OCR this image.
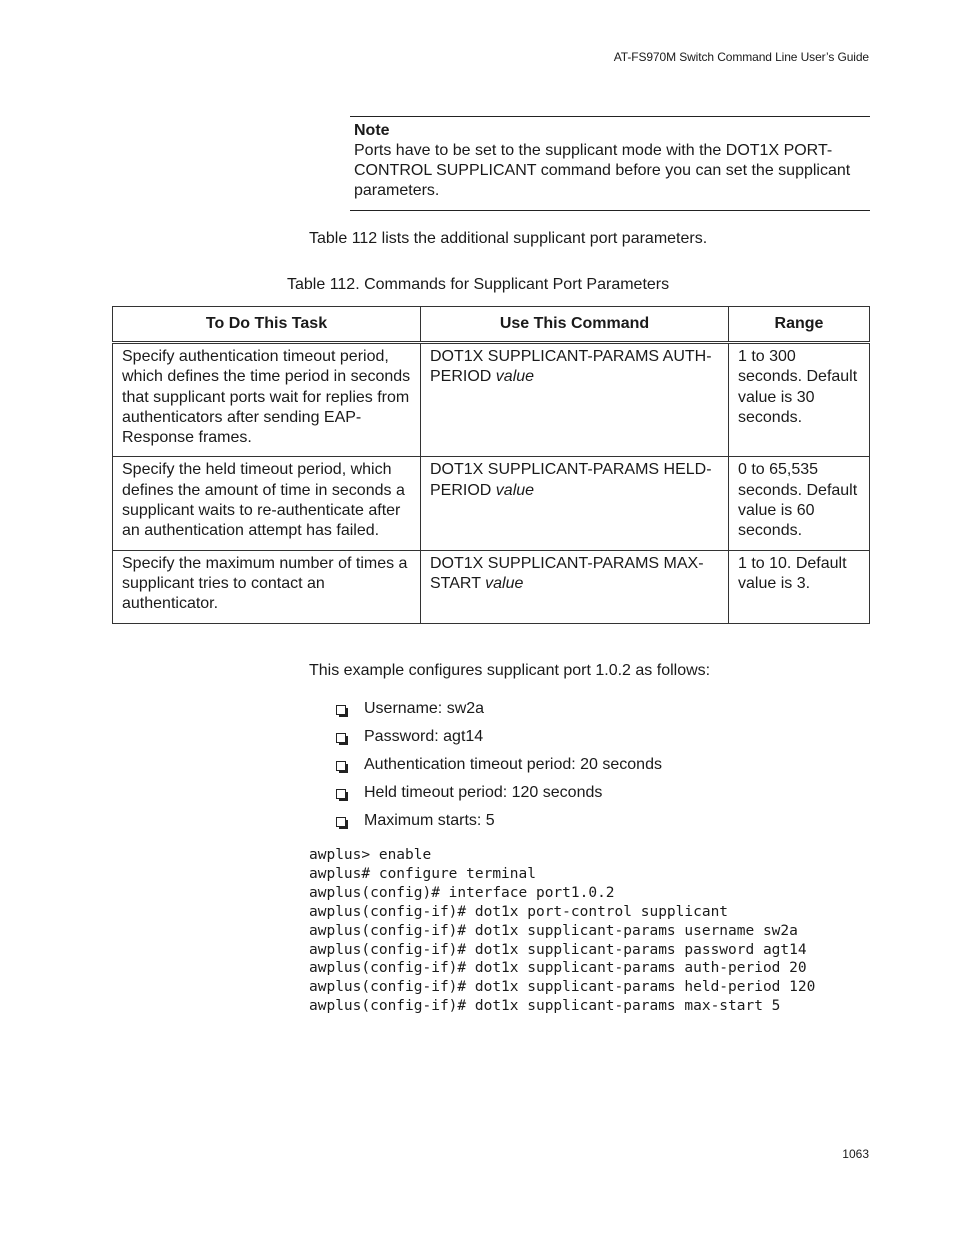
AT-FS970M Switch Command Line User’s Guide
Note
Ports have to be set to the supplicant mode with the DOT1X PORT-CONTROL SUPPLICANT command before you can set the supplicant parameters.
Table 112 lists the additional supplicant port parameters.
Table 112. Commands for Supplicant Port Parameters
To Do This Task	Use This Command	Range
Specify authentication timeout period, which defines the time period in seconds that supplicant ports wait for replies from authenticators after sending EAP-Response frames.	DOT1X SUPPLICANT-PARAMS AUTH-PERIOD value	1 to 300 seconds. Default value is 30 seconds.
Specify the held timeout period, which defines the amount of time in seconds a supplicant waits to re-authenticate after an authentication attempt has failed.	DOT1X SUPPLICANT-PARAMS HELD-PERIOD value	0 to 65,535 seconds. Default value is 60 seconds.
Specify the maximum number of times a supplicant tries to contact an authenticator.	DOT1X SUPPLICANT-PARAMS MAX-START value	1 to 10. Default value is 3.
This example configures supplicant port 1.0.2 as follows:
Username: sw2a
Password: agt14
Authentication timeout period: 20 seconds
Held timeout period: 120 seconds
Maximum starts: 5
awplus> enable
awplus# configure terminal
awplus(config)# interface port1.0.2
awplus(config-if)# dot1x port-control supplicant
awplus(config-if)# dot1x supplicant-params username sw2a
awplus(config-if)# dot1x supplicant-params password agt14
awplus(config-if)# dot1x supplicant-params auth-period 20
awplus(config-if)# dot1x supplicant-params held-period 120
awplus(config-if)# dot1x supplicant-params max-start 5
1063
